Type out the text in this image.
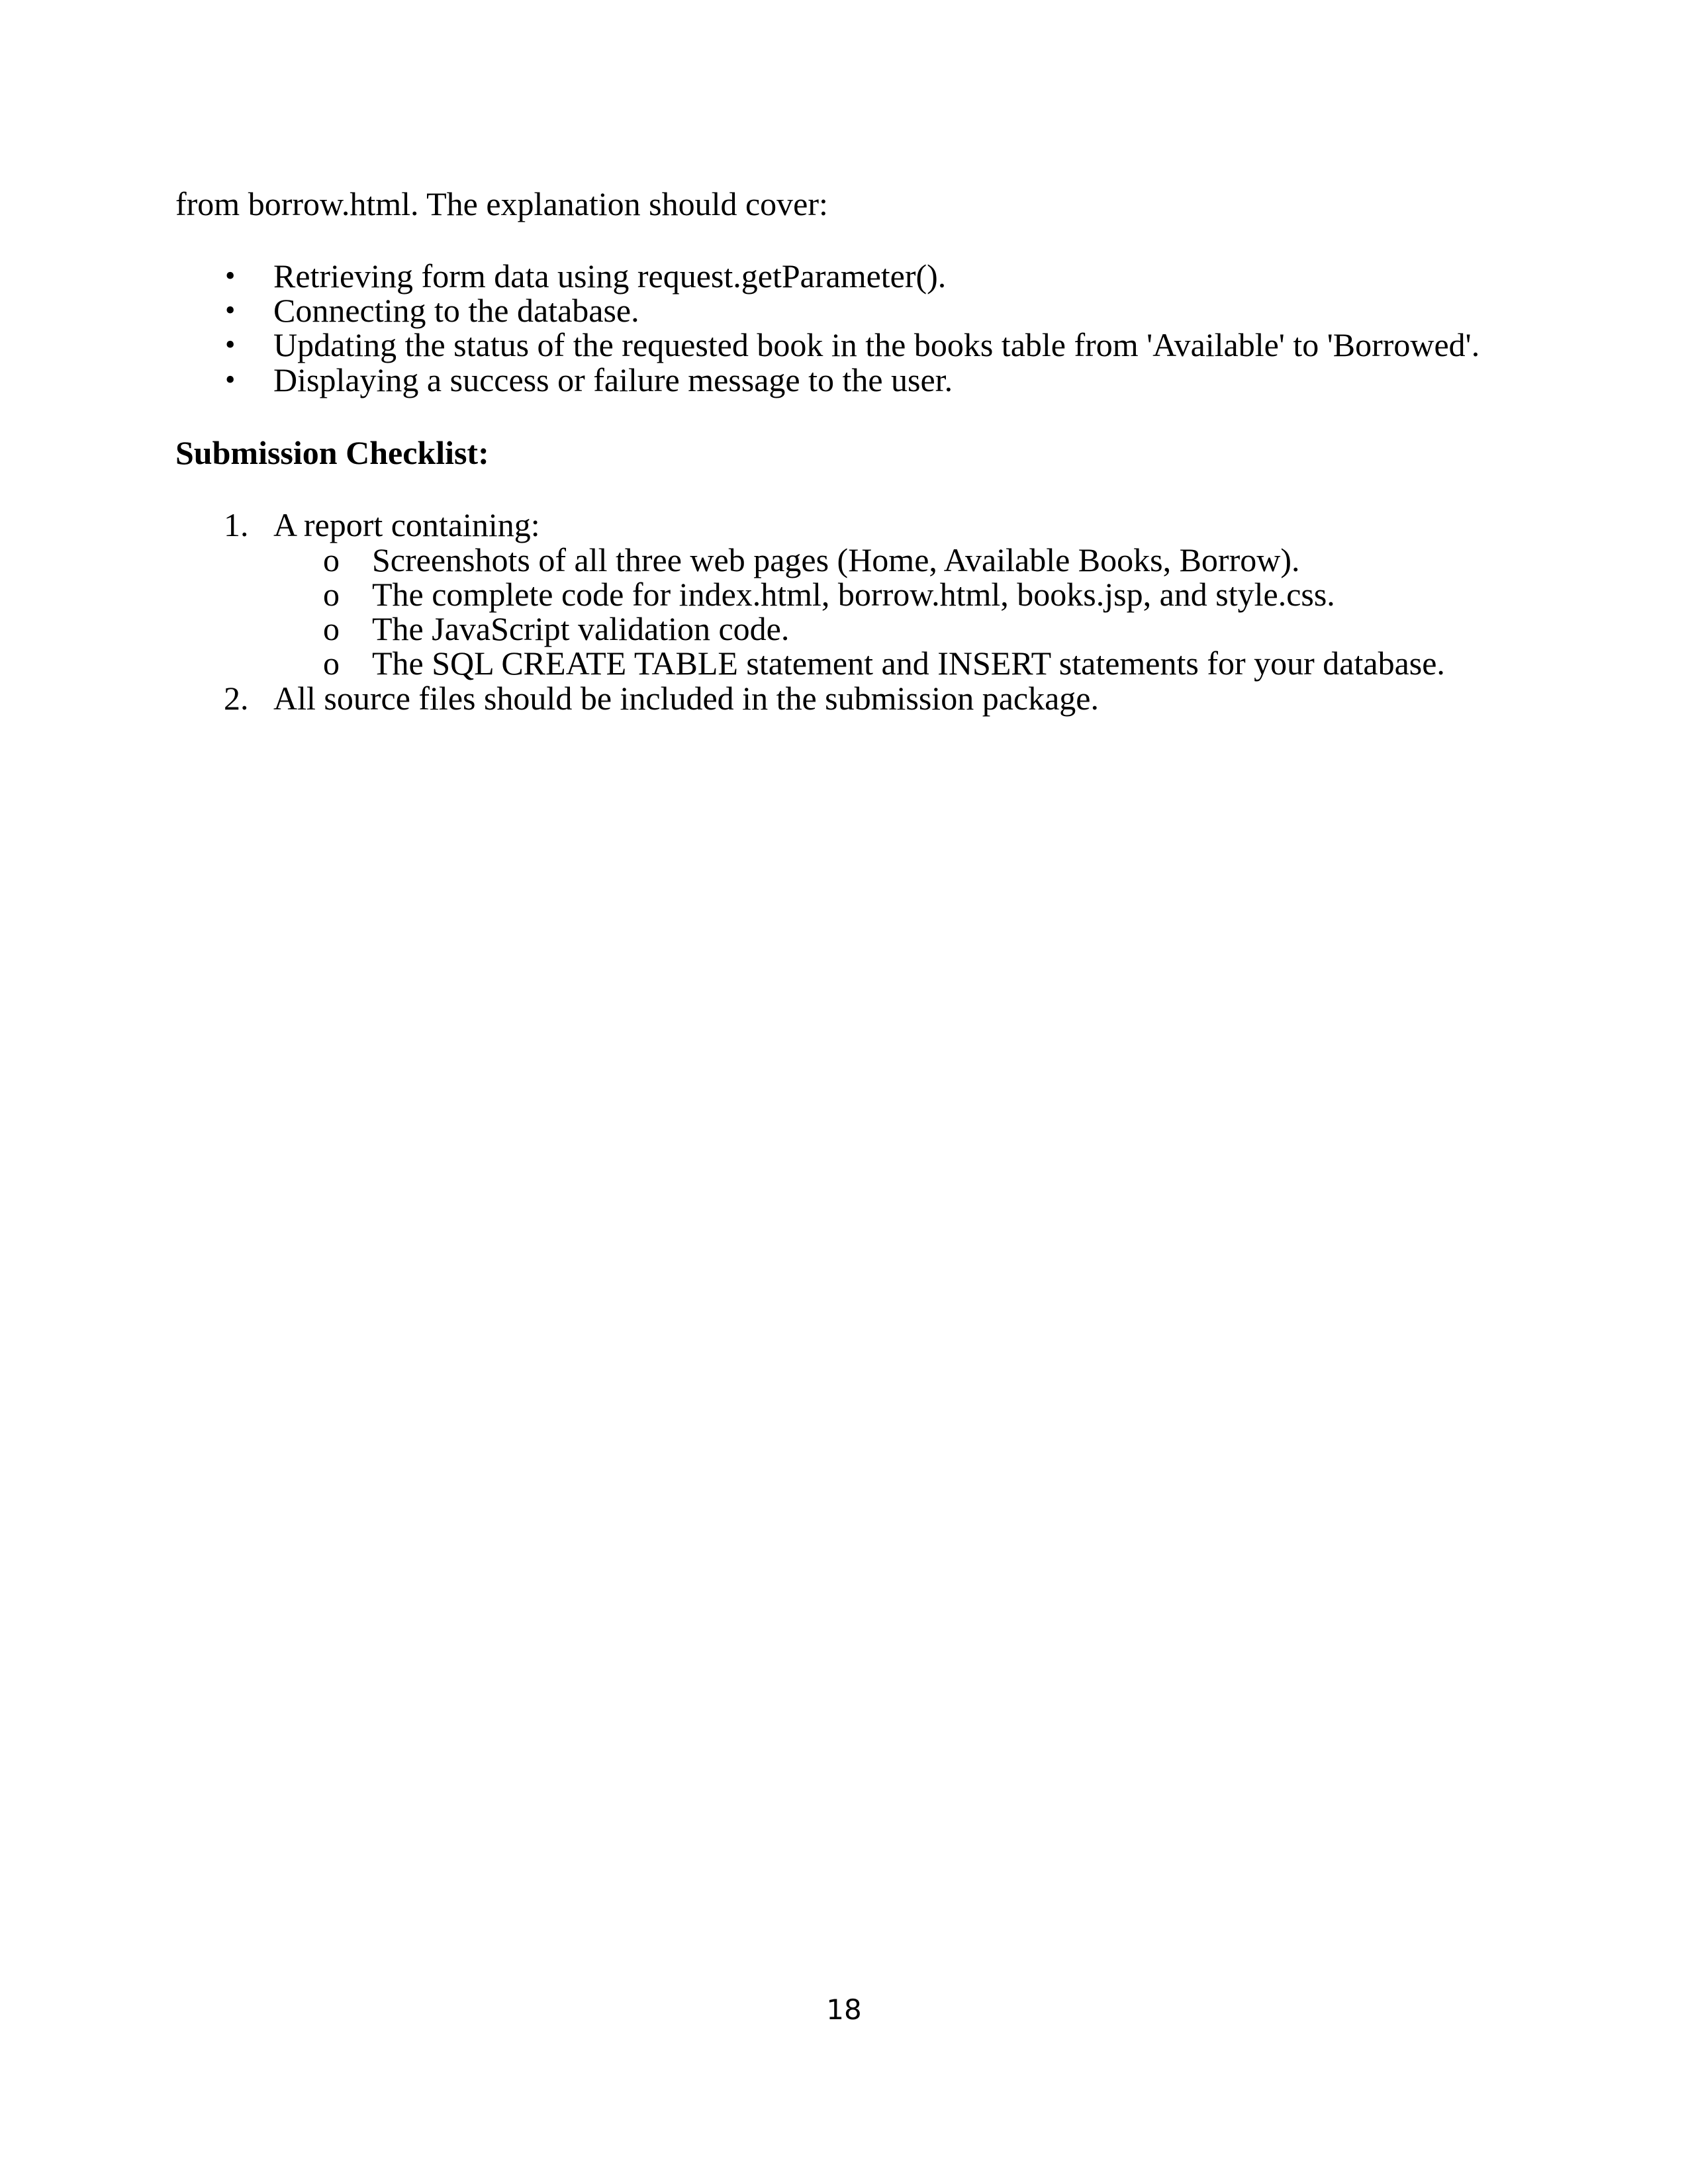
from borrow.html. The explanation should cover:
• Retrieving form data using request.getParameter().
• Connecting to the database.
• Updating the status of the requested book in the books table from 'Available' to 'Borrowed'.
• Displaying a success or failure message to the user.
Submission Checklist:
1. A report containing:
o Screenshots of all three web pages (Home, Available Books, Borrow).
o The complete code for index.html, borrow.html, books.jsp, and style.css.
o The JavaScript validation code.
o The SQL CREATE TABLE statement and INSERT statements for your database.
2. All source files should be included in the submission package.
18
